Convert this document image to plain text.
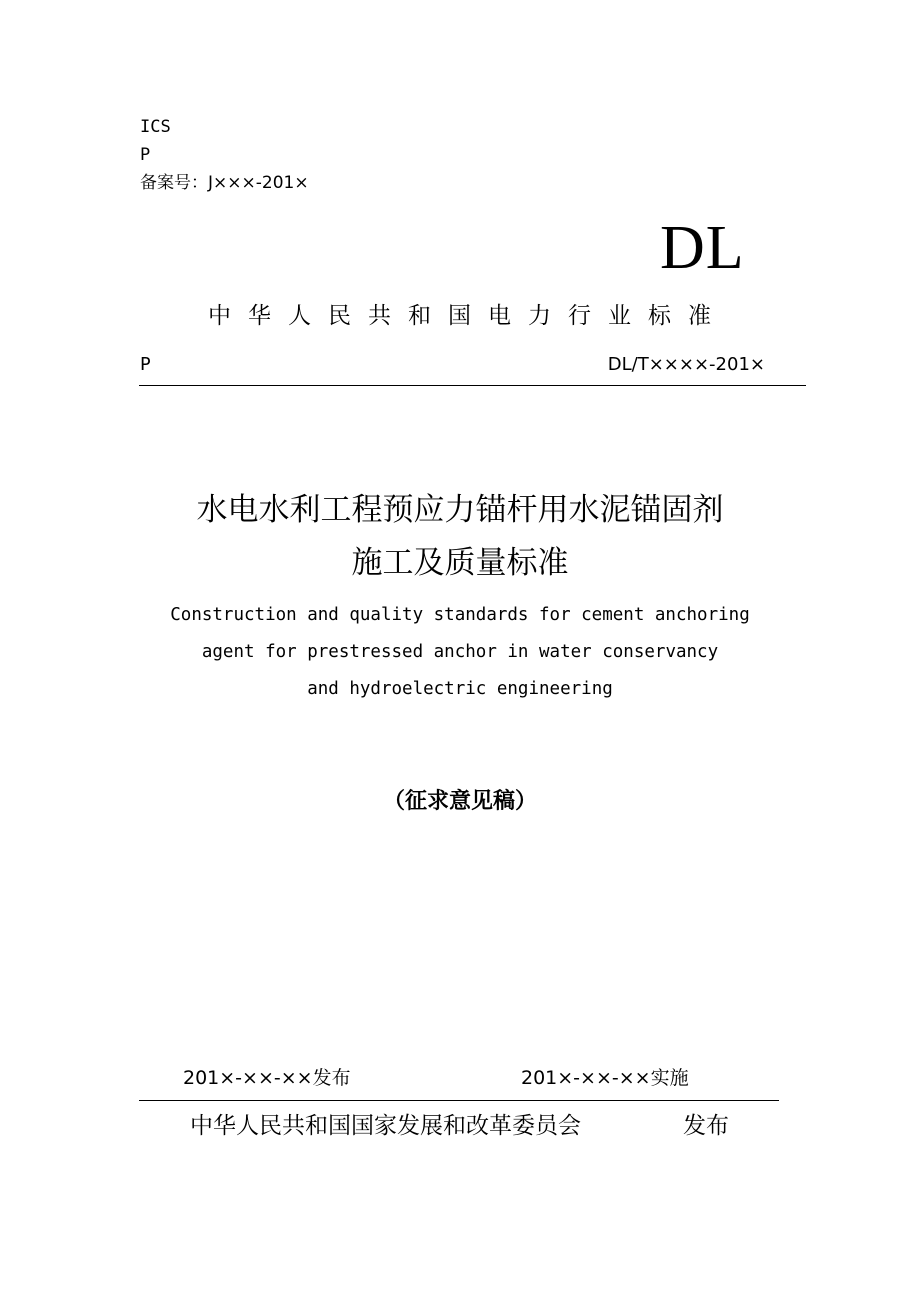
ICS
P
备案号：J×××-201×
DL
中华人民共和国电力行业标准
P	DL/T××××-201×
水电水利工程预应力锚杆用水泥锚固剂
施工及质量标准
Construction and quality standards for cement anchoring
agent for prestressed anchor in water conservancy
and hydroelectric engineering
（征求意见稿）
201×-××-××发布	201×-××-××实施
中华人民共和国国家发展和改革委员会	发布
